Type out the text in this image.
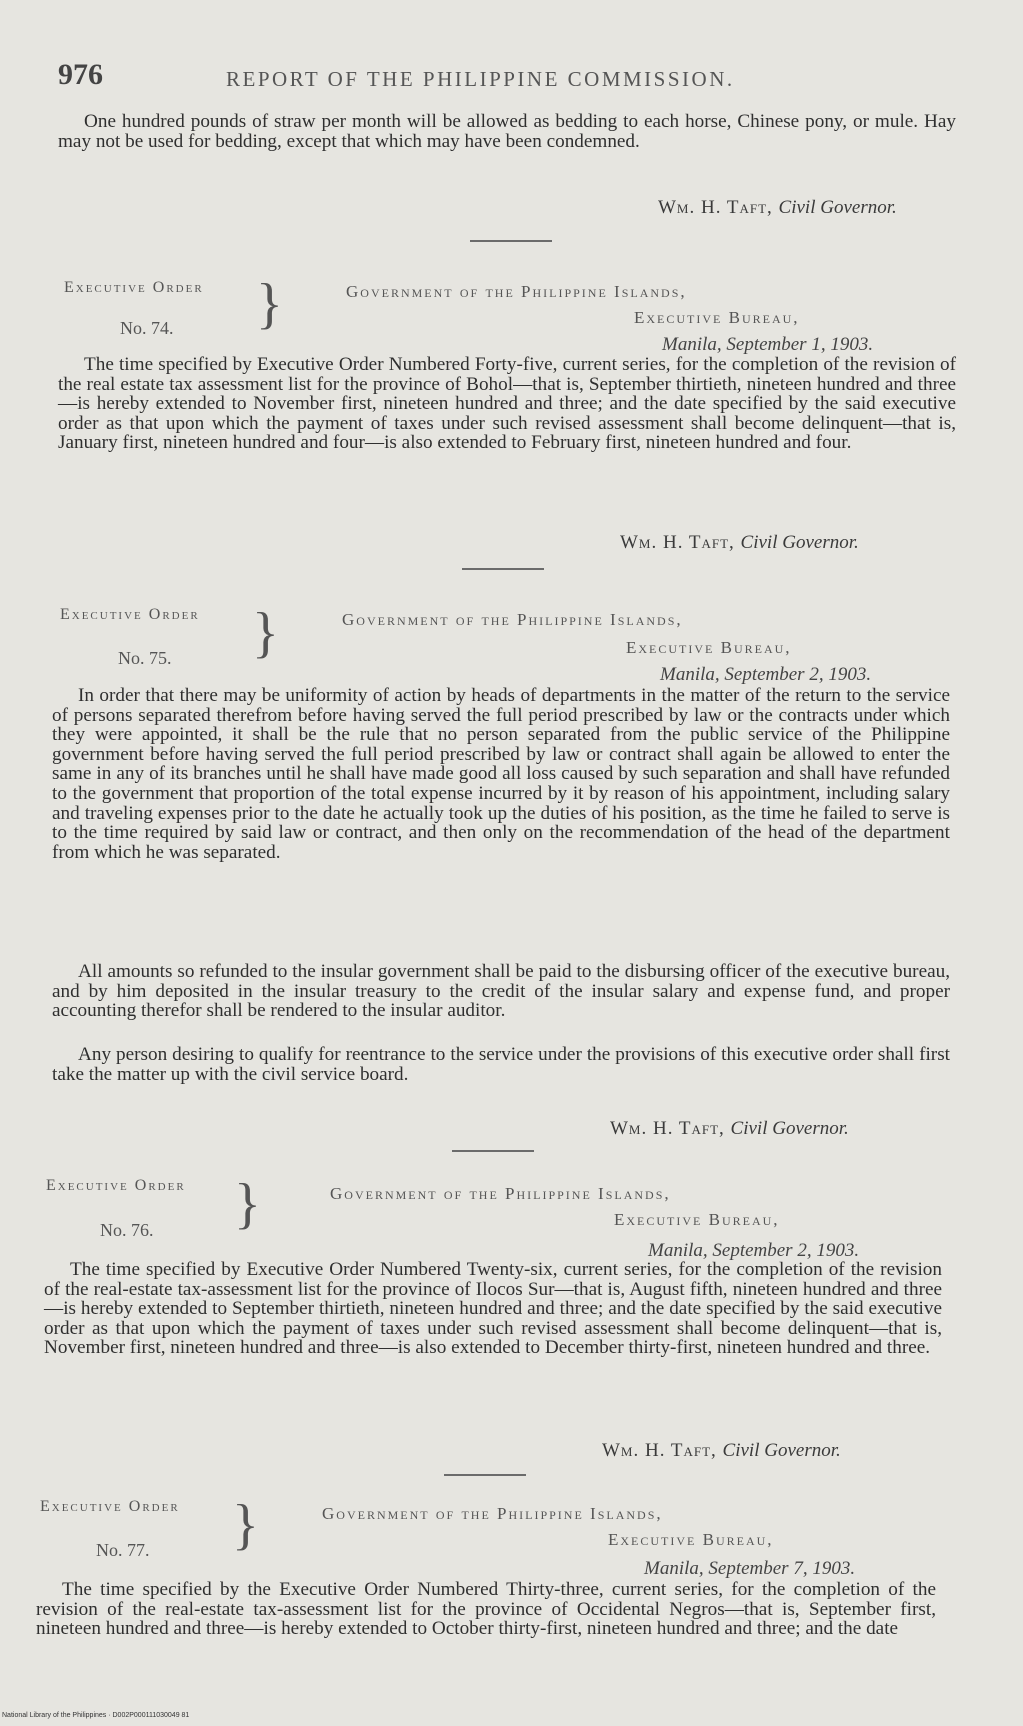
976	REPORT OF THE PHILIPPINE COMMISSION.

One hundred pounds of straw per month will be allowed as bedding to each horse, Chinese pony, or mule. Hay may not be used for bedding, except that which may have been condemned.

Wm. H. Taft, Civil Governor.
Executive Order
No. 74. }	Government of the Philippine Islands,
Executive Bureau,
Manila, September 1, 1903.

The time specified by Executive Order Numbered Forty-five, current series, for the completion of the revision of the real estate tax assessment list for the province of Bohol—that is, September thirtieth, nineteen hundred and three—is hereby extended to November first, nineteen hundred and three; and the date specified by the said executive order as that upon which the payment of taxes under such revised assessment shall become delinquent—that is, January first, nineteen hundred and four—is also extended to February first, nineteen hundred and four.

Wm. H. Taft, Civil Governor.
Executive Order
No. 75. }	Government of the Philippine Islands,
Executive Bureau,
Manila, September 2, 1903.

In order that there may be uniformity of action by heads of departments in the matter of the return to the service of persons separated therefrom before having served the full period prescribed by law or the contracts under which they were appointed, it shall be the rule that no person separated from the public service of the Philippine government before having served the full period prescribed by law or contract shall again be allowed to enter the same in any of its branches until he shall have made good all loss caused by such separation and shall have refunded to the government that proportion of the total expense incurred by it by reason of his appointment, including salary and traveling expenses prior to the date he actually took up the duties of his position, as the time he failed to serve is to the time required by said law or contract, and then only on the recommendation of the head of the department from which he was separated.

All amounts so refunded to the insular government shall be paid to the disbursing officer of the executive bureau, and by him deposited in the insular treasury to the credit of the insular salary and expense fund, and proper accounting therefor shall be rendered to the insular auditor.

Any person desiring to qualify for reentrance to the service under the provisions of this executive order shall first take the matter up with the civil service board.

Wm. H. Taft, Civil Governor.
Executive Order
No. 76. }	Government of the Philippine Islands,
Executive Bureau,
Manila, September 2, 1903.

The time specified by Executive Order Numbered Twenty-six, current series, for the completion of the revision of the real-estate tax-assessment list for the province of Ilocos Sur—that is, August fifth, nineteen hundred and three—is hereby extended to September thirtieth, nineteen hundred and three; and the date specified by the said executive order as that upon which the payment of taxes under such revised assessment shall become delinquent—that is, November first, nineteen hundred and three—is also extended to December thirty-first, nineteen hundred and three.

Wm. H. Taft, Civil Governor.
Executive Order
No. 77. }	Government of the Philippine Islands,
Executive Bureau,
Manila, September 7, 1903.

The time specified by the Executive Order Numbered Thirty-three, current series, for the completion of the revision of the real-estate tax-assessment list for the province of Occidental Negros—that is, September first, nineteen hundred and three—is hereby extended to October thirty-first, nineteen hundred and three; and the date

National Library of the Philippines · D002P000111030049 81
